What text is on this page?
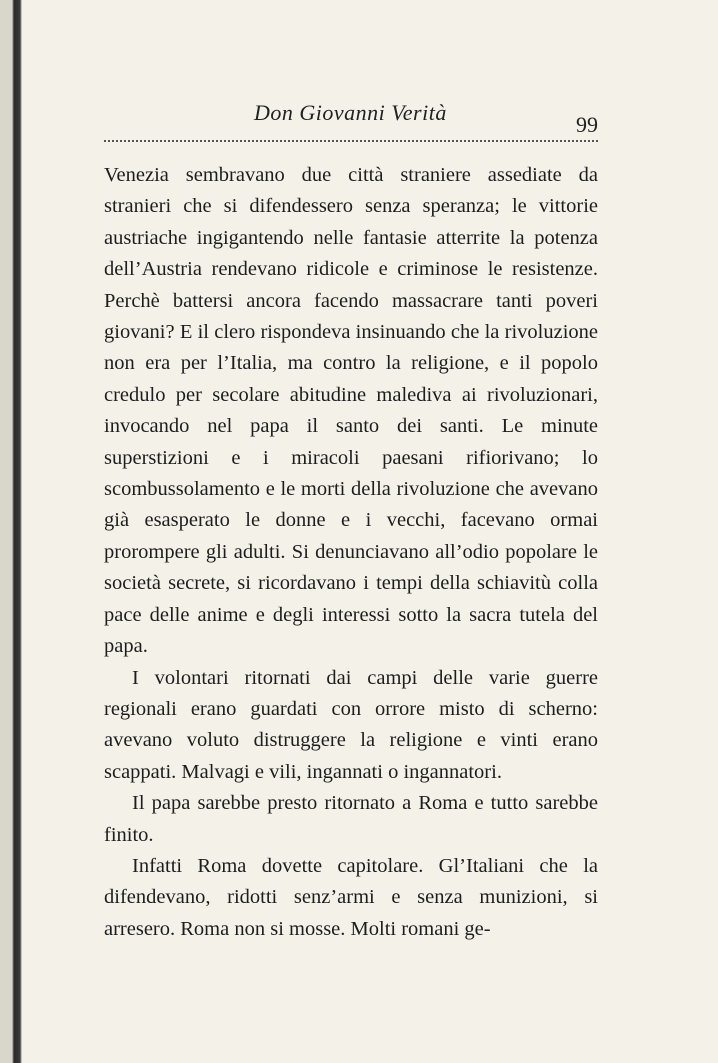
Don Giovanni Verità	99

Venezia sembravano due città straniere assediate da stranieri che si difendessero senza speranza; le vittorie austriache ingigantendo nelle fantasie atterrite la potenza dell’Austria rendevano ridicole e criminose le resistenze. Perchè battersi ancora facendo massacrare tanti poveri giovani? E il clero rispondeva insinuando che la rivoluzione non era per l’Italia, ma contro la religione, e il popolo credulo per secolare abitudine malediva ai rivoluzionari, invocando nel papa il santo dei santi. Le minute superstizioni e i miracoli paesani rifiorivano; lo scombussolamento e le morti della rivoluzione che avevano già esasperato le donne e i vecchi, facevano ormai prorompere gli adulti. Si denunciavano all’odio popolare le società secrete, si ricordavano i tempi della schiavitù colla pace delle anime e degli interessi sotto la sacra tutela del papa.

I volontari ritornati dai campi delle varie guerre regionali erano guardati con orrore misto di scherno: avevano voluto distruggere la religione e vinti erano scappati. Malvagi e vili, ingannati o ingannatori.

Il papa sarebbe presto ritornato a Roma e tutto sarebbe finito.

Infatti Roma dovette capitolare. Gl’Italiani che la difendevano, ridotti senz’armi e senza munizioni, si arresero. Roma non si mosse. Molti romani ge-
